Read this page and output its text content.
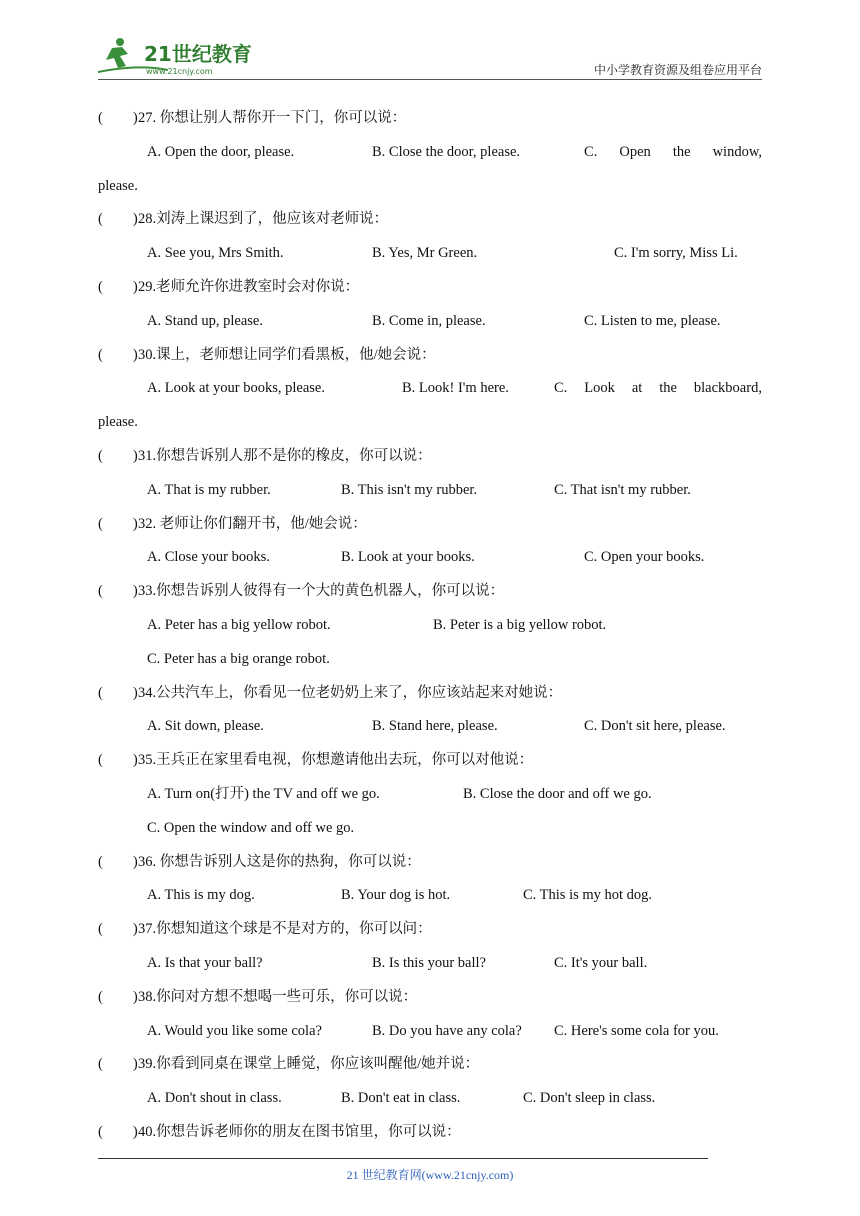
21世纪教育
www.21cnjy.com	中小学教育资源及组卷应用平台
( ) 27. 你想让别人帮你开一下门，你可以说：
A. Open the door, please.	B. Close the door, please.	C. Open the window,
please.
( ) 28.刘涛上课迟到了，他应该对老师说：
A. See you, Mrs Smith.	B. Yes, Mr Green.	C. I'm sorry, Miss Li.
( ) 29.老师允许你进教室时会对你说：
A. Stand up, please.	B. Come in, please.	C. Listen to me, please.
( ) 30.课上，老师想让同学们看黑板，他/她会说：
A. Look at your books, please.	B. Look! I'm here.	C. Look at the blackboard,
please.
( ) 31.你想告诉别人那不是你的橡皮，你可以说：
A. That is my rubber.	B. This isn't my rubber.	C. That isn't my rubber.
( ) 32. 老师让你们翻开书，他/她会说：
A. Close your books.	B. Look at your books.	C. Open your books.
( ) 33.你想告诉别人彼得有一个大的黄色机器人，你可以说：
A. Peter has a big yellow robot.	B. Peter is a big yellow robot.
C. Peter has a big orange robot.
( ) 34.公共汽车上，你看见一位老奶奶上来了，你应该站起来对她说：
A. Sit down, please.	B. Stand here, please.	C. Don't sit here, please.
( ) 35.王兵正在家里看电视，你想邀请他出去玩，你可以对他说：
A. Turn on(打开) the TV and off we go.	B. Close the door and off we go.
C. Open the window and off we go.
( ) 36. 你想告诉别人这是你的热狗，你可以说：
A. This is my dog.	B. Your dog is hot.	C. This is my hot dog.
( ) 37.你想知道这个球是不是对方的，你可以问：
A. Is that your ball?	B. Is this your ball?	C. It's your ball.
( ) 38.你问对方想不想喝一些可乐，你可以说：
A. Would you like some cola?	B. Do you have any cola? C. Here's some cola for you.
( ) 39.你看到同桌在课堂上睡觉，你应该叫醒他/她并说：
A. Don't shout in class.	B. Don't eat in class.	C. Don't sleep in class.
( ) 40.你想告诉老师你的朋友在图书馆里，你可以说：
21 世纪教育网(www.21cnjy.com)
